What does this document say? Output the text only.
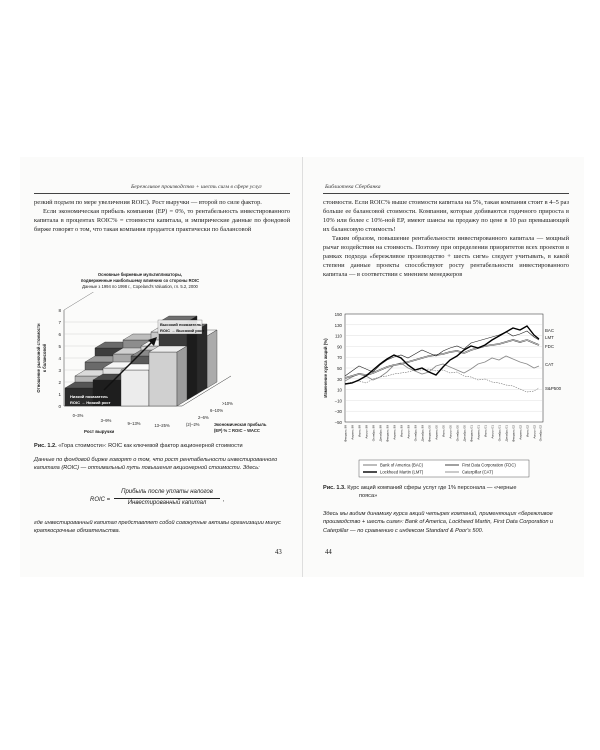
Бережливое производство + шесть сигм в сфере услуг

резкий подъем по мере увеличения ROIC). Рост выручки — второй по силе фактор.

Если экономическая прибыль компании (EP) = 0%, то рентабельность инвестированного капитала в процентах ROIC% = стоимости капитала, и эмпирические данные по фондовой бирже говорят о том, что такая компания продается практически по балансовой

Основные биржевые мультипликаторы,
подверженные наибольшему влиянию со стороны ROIC
Данные з 1994 по 1998 г., Copeland's Valuation, гл. 5.2, 2000
0
1
2
3
4
5
6
7
8
Отношение рыночной стоимости к балансовой
Высокий показатель
ROIC → Высокий рост
Низкий показатель
ROIC → Низкий рост
0–3%
3–9%
9–13%	13–25%
Рост выручки
(2)–2%
2–6%
6–10%
>10%
Экономическая прибыль
(EP) % = ROIC – WACC
Рис. 1.2. «Гора стоимости»: ROIC как ключевой фактор акционерной стоимости
Данные по фондовой бирже говорят о том, что рост рентабельности инвестированного капитала (ROIC) — оптимальный путь повышения акционерной стоимости. Здесь:
ROIC =
Прибыль после уплаты налогов
Инвестированный капитал	,
где инвестированный капитал представляет собой совокупные активы организации минус краткосрочные обязательства.
43
Библиотека Сбербанка

стоимости. Если ROIC% выше стоимости капитала на 5%, такая компания стоит в 4–5 раз больше ее балансовой стоимости. Компании, которые добиваются годичного прироста в 10% или более с 10%-ной EP, имеют шансы на продажу по цене в 10 раз превышающей их балансовую стоимость!

Таким образом, повышение рентабельности инвестированного капитала — мощный рычаг воздействия на стоимость. Поэтому при определении приоритетов всех проектов в рамках подхода «бережливое производство + шесть сигм» следует учитывать, в какой степени данные проекты способствуют росту рентабельности инвестированного капитала — в соответствии с мнением менеджеров

150
130
110
90
70
50
30
10
−10
−30
−50
Изменение курса акций (%)
BAC
LMT
FDC
CAT
S&P500
Февраль 98 Апрель 98 Июнь 98 Август 98 Октябрь 98 Декабрь 98 Февраль 99 Апрель 99 Июнь 99 Август 99 Октябрь 99 Декабрь 99 Февраль 00 Апрель 00 Июнь 00 Август 00 Октябрь 00 Декабрь 00 Февраль 01 Апрель 01 Июнь 01 Август 01 Октябрь 01 Декабрь 01 Февраль 02 Апрель 02 Июнь 02 Август 02 Октябрь 02
Bank of America (BAC)	First Data Corporation (FDC)
Lockheed Martin (LMT)	Caterpillar (CAT)
Рис. 1.3. Курс акций компаний сферы услуг где 1% персонала — «черные
пояса»
Здесь мы видим динамику курса акций четырех компаний, применяющих «бережливое производство + шесть сигм»: Bank of America, Lockheed Martin, First Data Corporation и Caterpillar — по сравнению с индексом Standard & Poor's 500.
44
